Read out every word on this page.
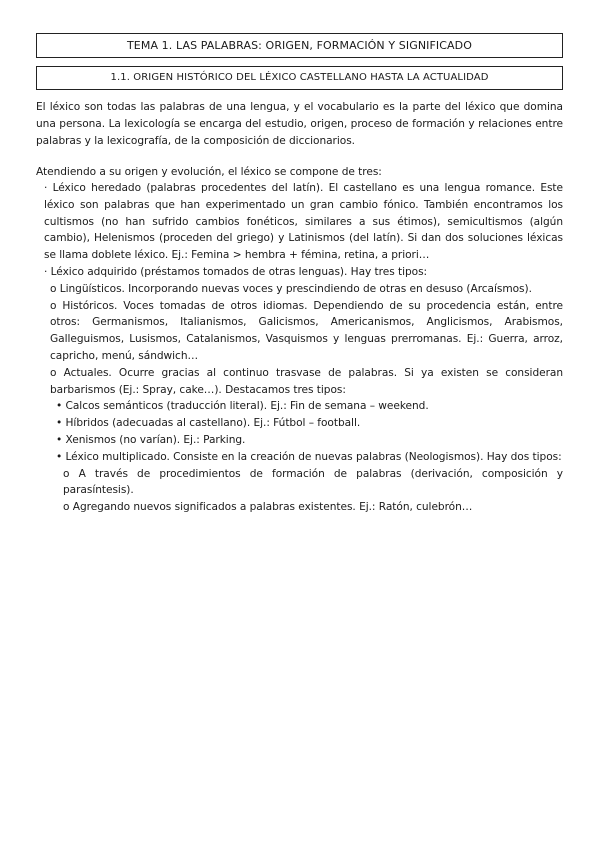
TEMA 1. LAS PALABRAS: ORIGEN, FORMACIÓN Y SIGNIFICADO
1.1. ORIGEN HISTÓRICO DEL LÉXICO CASTELLANO HASTA LA ACTUALIDAD

El léxico son todas las palabras de una lengua, y el vocabulario es la parte del léxico que domina una persona. La lexicología se encarga del estudio, origen, proceso de formación y relaciones entre palabras y la lexicografía, de la composición de diccionarios.

Atendiendo a su origen y evolución, el léxico se compone de tres:

· Léxico heredado (palabras procedentes del latín). El castellano es una lengua romance. Este léxico son palabras que han experimentado un gran cambio fónico. También encontramos los cultismos (no han sufrido cambios fonéticos, similares a sus étimos), semicultismos (algún cambio), Helenismos (proceden del griego) y Latinismos (del latín). Si dan dos soluciones léxicas se llama doblete léxico. Ej.: Femina > hembra + fémina, retina, a priori…

· Léxico adquirido (préstamos tomados de otras lenguas). Hay tres tipos:

o Lingüísticos. Incorporando nuevas voces y prescindiendo de otras en desuso (Arcaísmos).

o Históricos. Voces tomadas de otros idiomas. Dependiendo de su procedencia están, entre otros: Germanismos, Italianismos, Galicismos, Americanismos, Anglicismos, Arabismos, Galleguismos, Lusismos, Catalanismos, Vasquismos y lenguas prerromanas. Ej.: Guerra, arroz, capricho, menú, sándwich…

o Actuales. Ocurre gracias al continuo trasvase de palabras. Si ya existen se consideran barbarismos (Ej.: Spray, cake…). Destacamos tres tipos:

• Calcos semánticos (traducción literal). Ej.: Fin de semana – weekend.

• Híbridos (adecuadas al castellano). Ej.: Fútbol – football.

• Xenismos (no varían). Ej.: Parking.

• Léxico multiplicado. Consiste en la creación de nuevas palabras (Neologismos). Hay dos tipos:

o A través de procedimientos de formación de palabras (derivación, composición y parasíntesis).

o Agregando nuevos significados a palabras existentes. Ej.: Ratón, culebrón…
